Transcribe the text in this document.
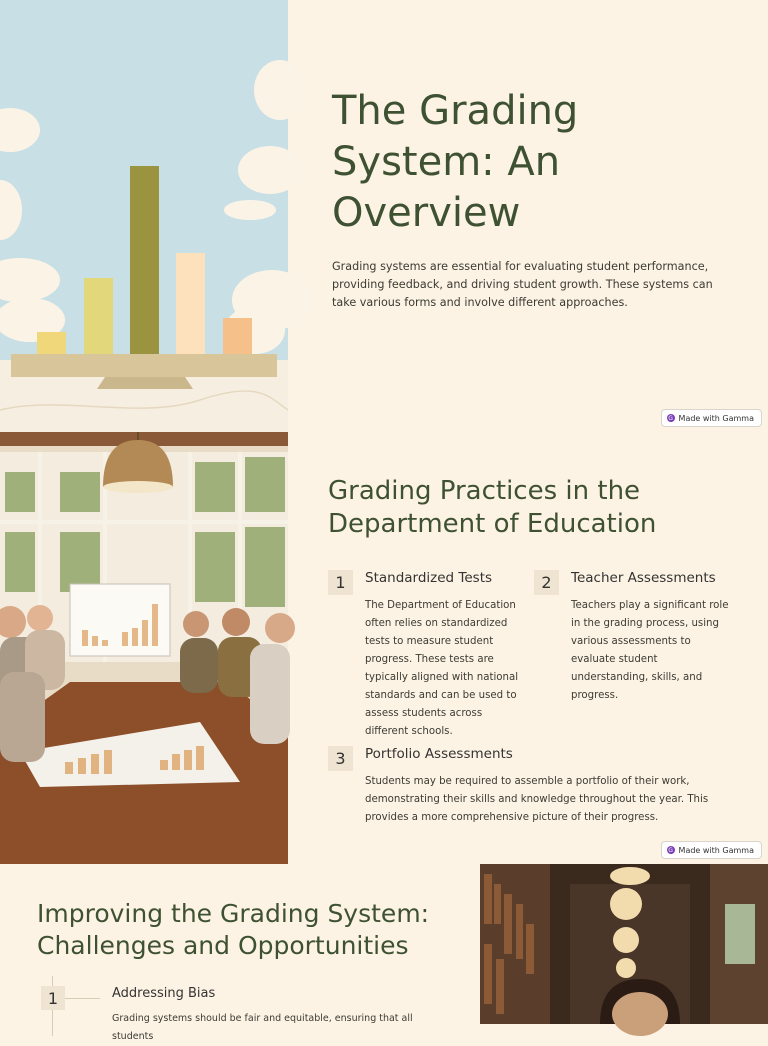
The Grading System: An Overview

Grading systems are essential for evaluating student performance, providing feedback, and driving student growth. These systems can take various forms and involve different approaches.

G Made with Gamma
Grading Practices in the Department of Education
1	Standardized Tests
The Department of Education often relies on standardized tests to measure student progress. These tests are typically aligned with national standards and can be used to assess students across different schools.
2	Teacher Assessments
Teachers play a significant role in the grading process, using various assessments to evaluate student understanding, skills, and progress.
3	Portfolio Assessments
Students may be required to assemble a portfolio of their work, demonstrating their skills and knowledge throughout the year. This provides a more comprehensive picture of their progress.
G Made with Gamma
Improving the Grading System: Challenges and Opportunities
1	Addressing Bias
Grading systems should be fair and equitable, ensuring that all students
